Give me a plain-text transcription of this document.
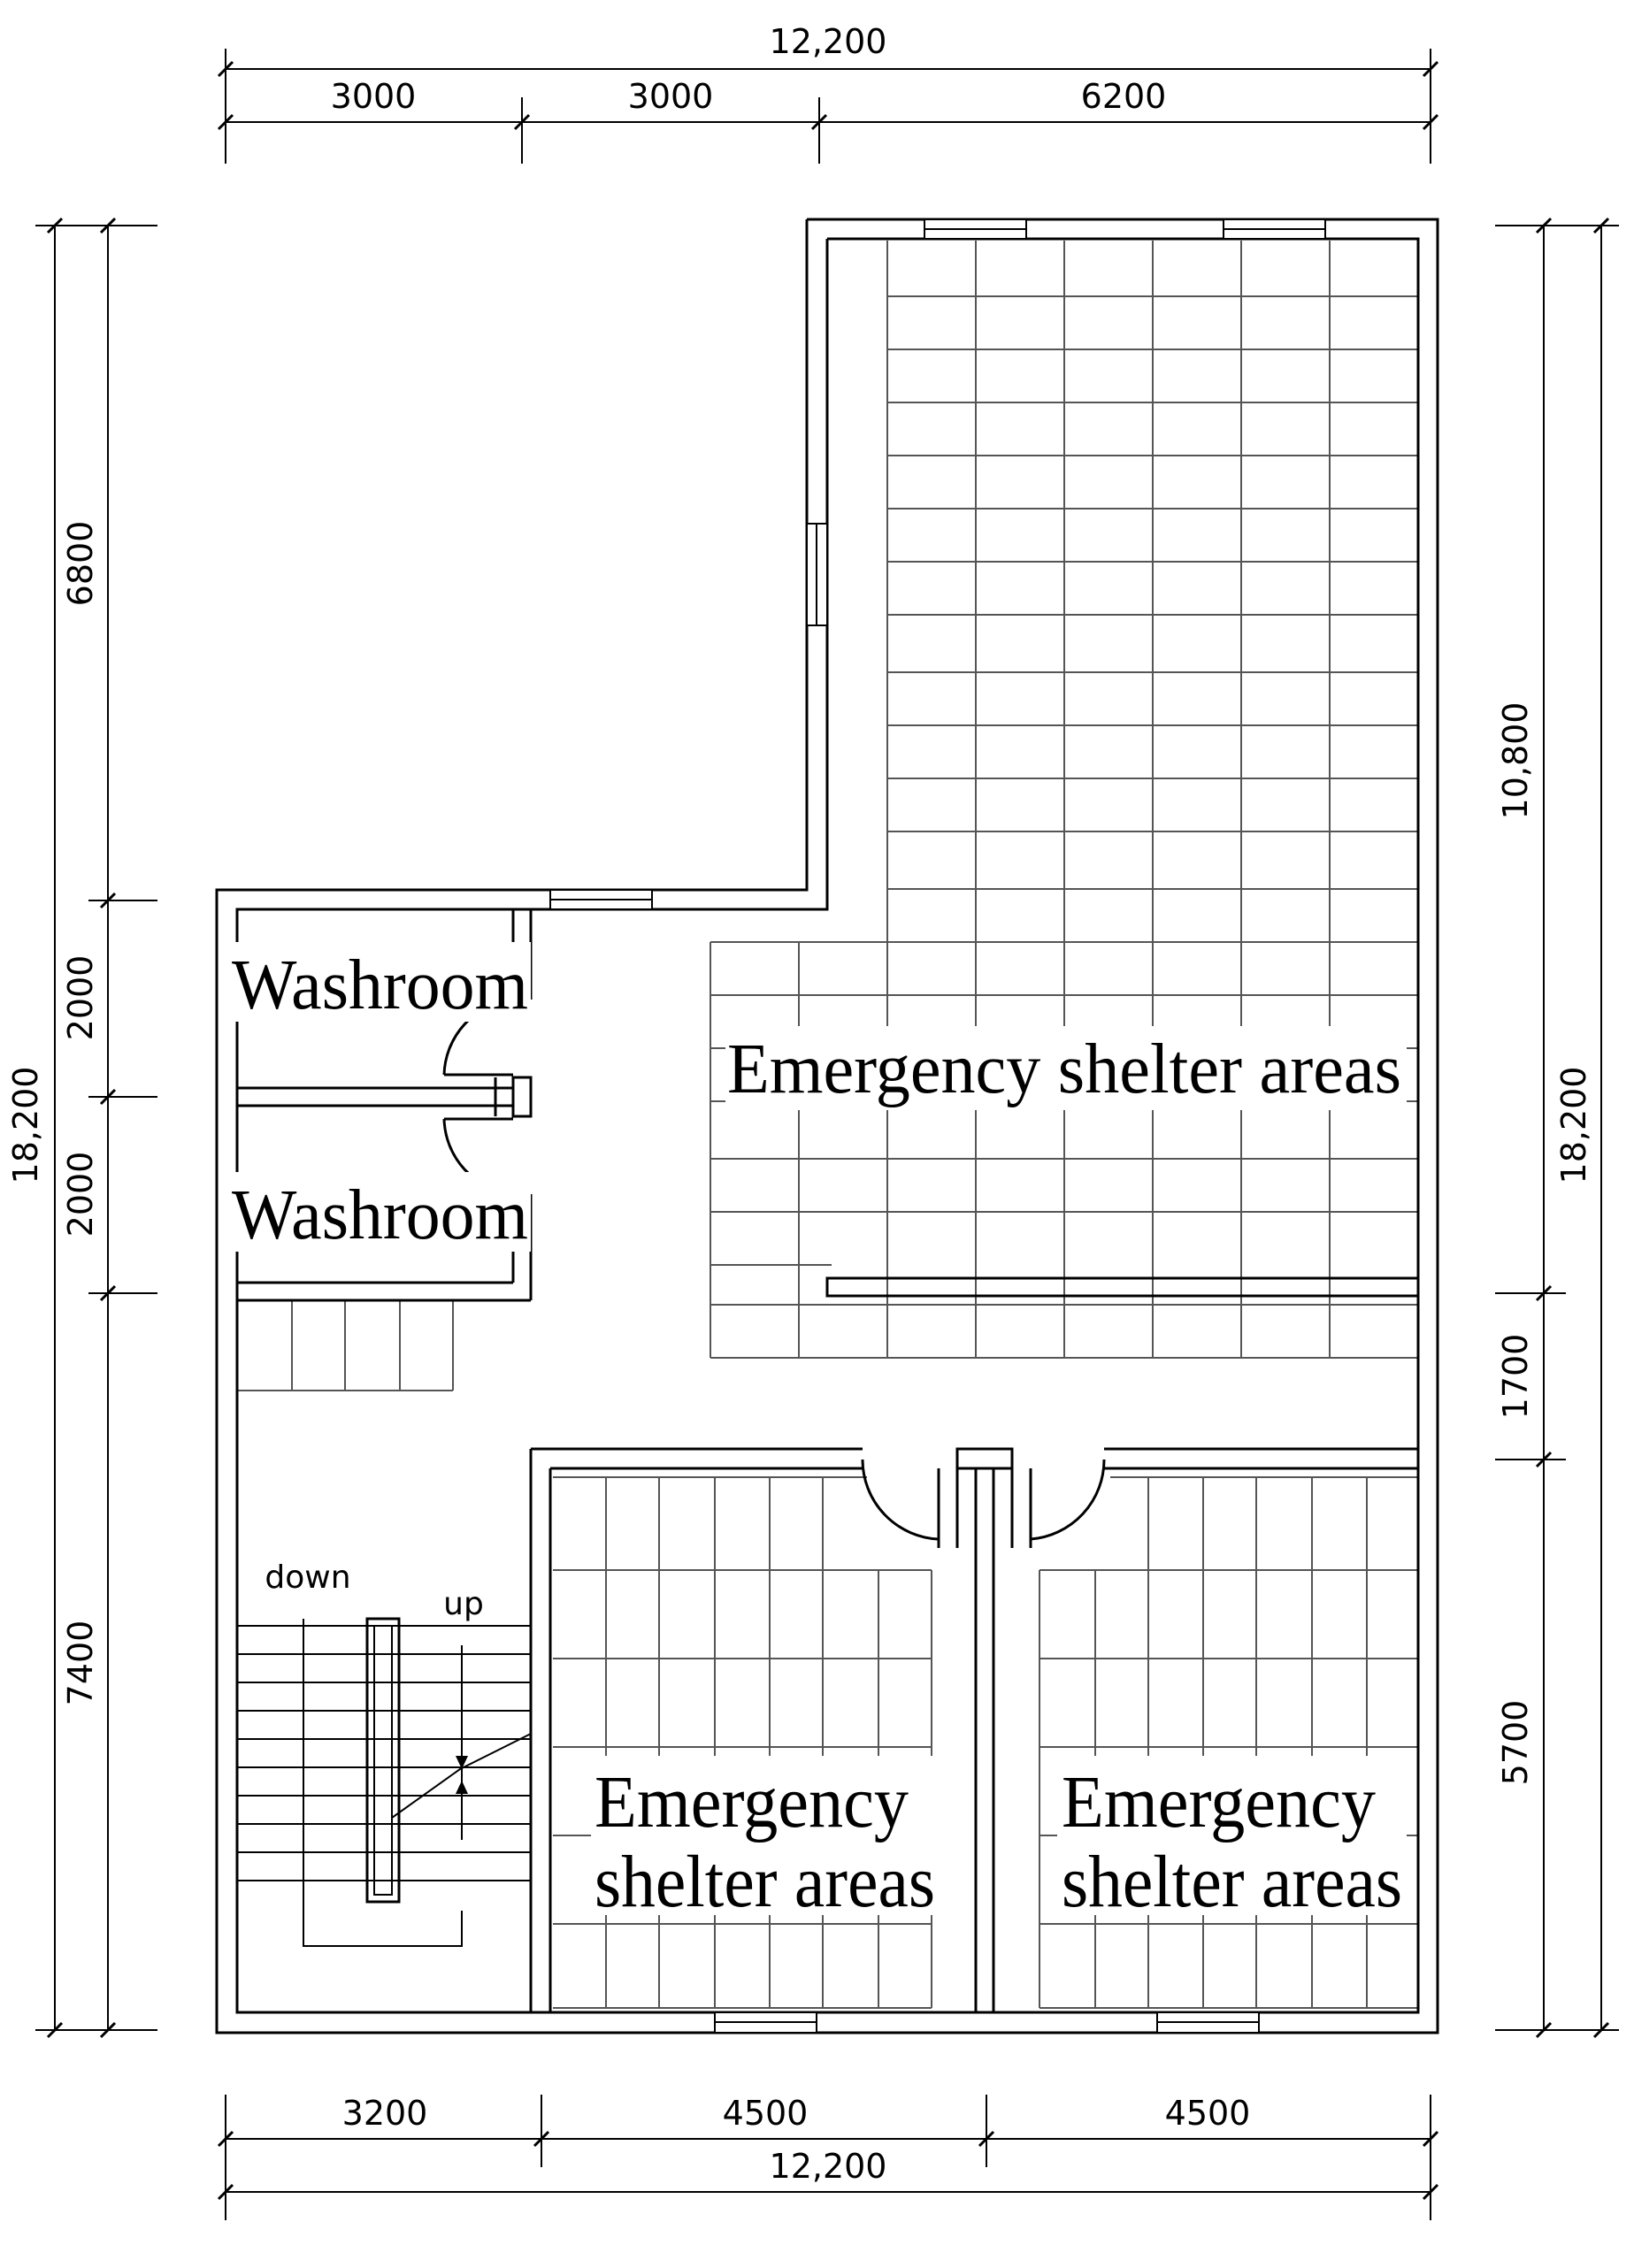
12,200
3000	3000	6200
3200	4500	4500
12,200
18,200
6800
2000
2000
7400
10,800
1700
5700
18,200
down
up
Washroom
Washroom
Emergency shelter areas
Emergency
shelter areas
Emergency
shelter areas
